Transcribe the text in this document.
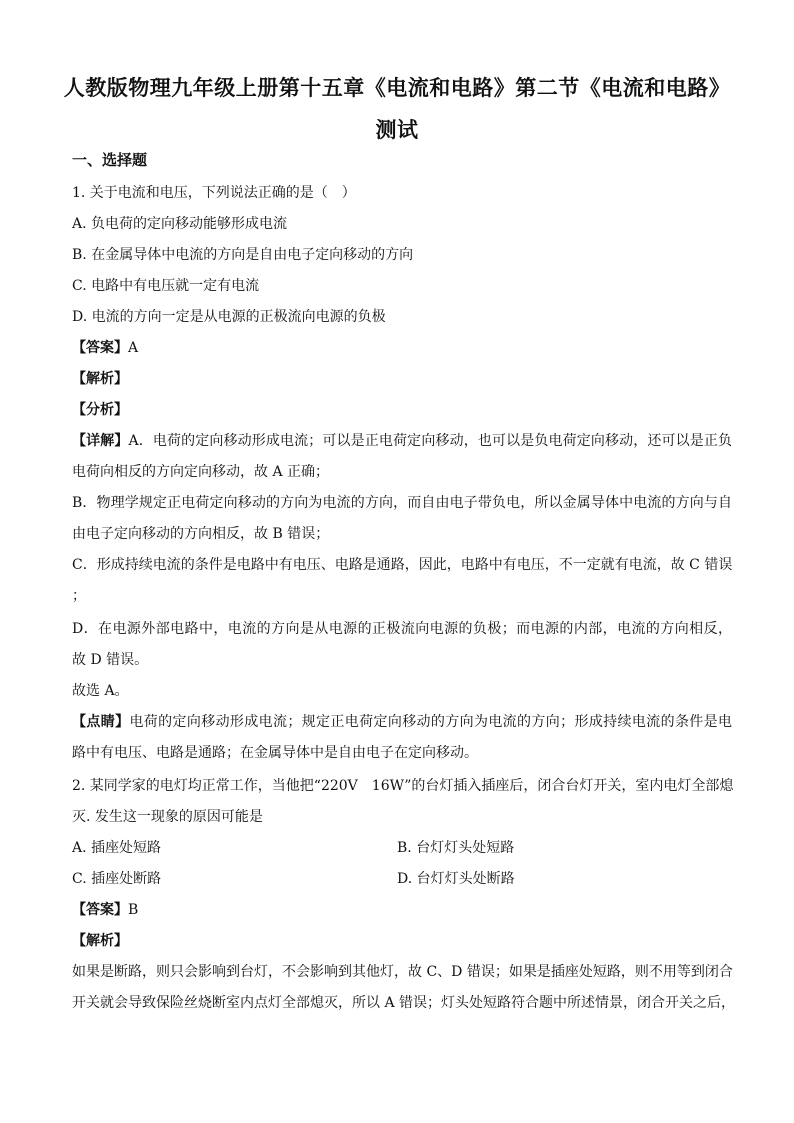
人教版物理九年级上册第十五章《电流和电路》第二节《电流和电路》
测试
一、选择题
1. 关于电流和电压，下列说法正确的是（　）
A. 负电荷的定向移动能够形成电流
B. 在金属导体中电流的方向是自由电子定向移动的方向
C. 电路中有电压就一定有电流
D. 电流的方向一定是从电源的正极流向电源的负极
【答案】A
【解析】
【分析】
【详解】A．电荷的定向移动形成电流；可以是正电荷定向移动，也可以是负电荷定向移动，还可以是正负
电荷向相反的方向定向移动，故 A 正确；
B．物理学规定正电荷定向移动的方向为电流的方向，而自由电子带负电，所以金属导体中电流的方向与自
由电子定向移动的方向相反，故 B 错误；
C．形成持续电流的条件是电路中有电压、电路是通路，因此，电路中有电压，不一定就有电流，故 C 错误
；
D．在电源外部电路中，电流的方向是从电源的正极流向电源的负极；而电源的内部，电流的方向相反，
故 D 错误。
故选 A。
【点睛】电荷的定向移动形成电流；规定正电荷定向移动的方向为电流的方向；形成持续电流的条件是电
路中有电压、电路是通路；在金属导体中是自由电子在定向移动。
2. 某同学家的电灯均正常工作，当他把“220V　16W”的台灯插入插座后，闭合台灯开关，室内电灯全部熄
灭. 发生这一现象的原因可能是
A. 插座处短路	B. 台灯灯头处短路
C. 插座处断路	D. 台灯灯头处断路
【答案】B
【解析】
如果是断路，则只会影响到台灯，不会影响到其他灯，故 C、D 错误；如果是插座处短路，则不用等到闭合
开关就会导致保险丝烧断室内点灯全部熄灭，所以 A 错误；灯头处短路符合题中所述情景，闭合开关之后，
